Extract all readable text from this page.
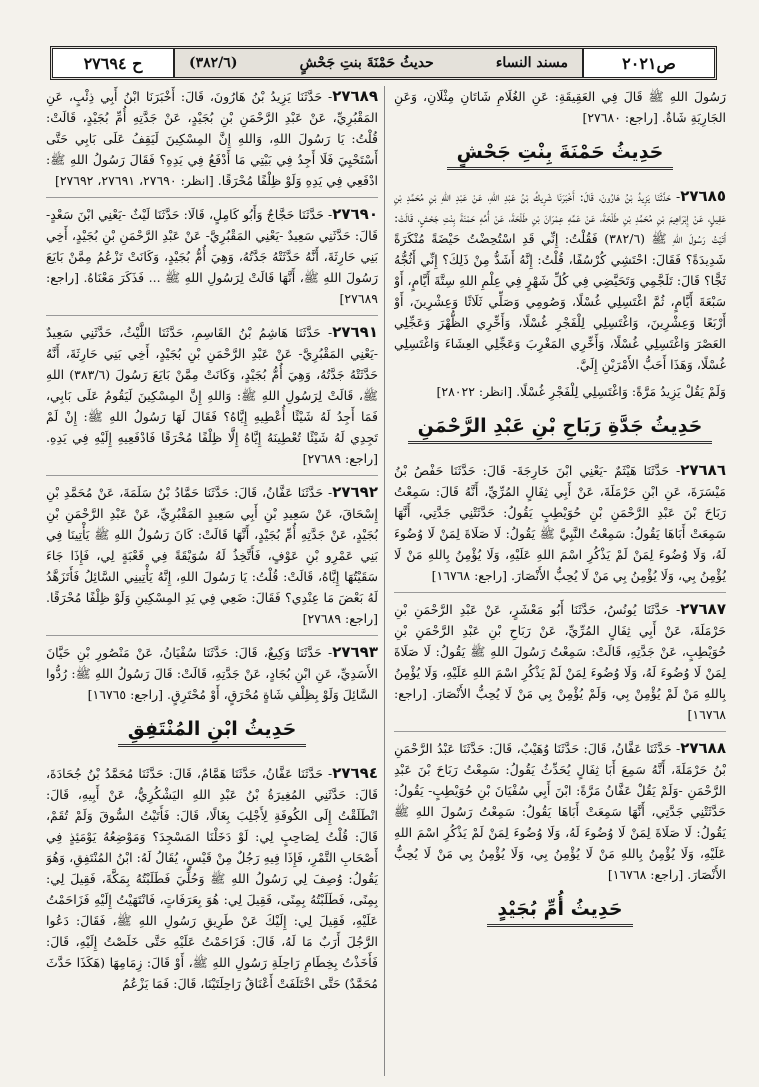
ح ٢٧٦٩٤	(٣٨٢/٦)	حديثُ حَمْنَةَ بنتِ جَحْشٍ	مسند النساء	ص٢٠٢١

رَسُولَ اللهِ ﷺ قَالَ فِي العَقِيقَةِ: عَنِ الغُلَامِ شَاتَانِ مِثْلَانِ، وَعَنِ الجَارِيَةِ شَاةٌ. [راجع: ٢٧٦٨٠]

حَدِيثُ حَمْنَةَ بِنْتِ جَحْشٍ

٢٧٦٨٥- حَدَّثَنَا يَزِيدُ بْنُ هَارُونَ، قَالَ: أَخْبَرَنَا شَرِيكُ بْنُ عَبْدِ اللهِ، عَنْ عَبْدِ اللهِ بْنِ مُحَمَّدِ بْنِ عَقِيلٍ، عَنْ إِبْرَاهِيمَ بْنِ مُحَمَّدِ بْنِ طَلْحَةَ، عَنْ عَمِّهِ عِمْرَانَ بْنِ طَلْحَةَ، عَنْ أُمِّهِ حَمْنَةَ بِنْتِ جَحْشٍ، قَالَتْ: أَتَيْتُ رَسُولَ اللهِ ﷺ (٣٨٢/٦) فَقُلْتُ: إِنِّي قَدِ اسْتُحِضْتُ حَيْضَةً مُنْكَرَةً شَدِيدَةً؟ فَقَالَ: احْتَشِي كُرْسُفًا، قُلْتُ: إِنَّهُ أَشَدُّ مِنْ ذَلِكَ؟ إِنِّي أَثُجُّهُ ثَجًّا؟ قَالَ: تَلَجَّمِي وَتَحَيَّضِي فِي كُلِّ شَهْرٍ فِي عِلْمِ اللهِ سِتَّةَ أَيَّامٍ، أَوْ سَبْعَةَ أَيَّامٍ، ثُمَّ اغْتَسِلِي غُسْلًا، وَصُومِي وَصَلِّي ثَلَاثًا وَعِشْرِينَ، أَوْ أَرْبَعًا وَعِشْرِينَ، وَاغْتَسِلِي لِلْفَجْرِ غُسْلًا، وَأَخِّرِي الظُّهْرَ وَعَجِّلِي العَصْرَ وَاغْتَسِلِي غُسْلًا، وَأَخِّرِي المَغْرِبَ وَعَجِّلِي العِشَاءَ وَاغْتَسِلِي غُسْلًا، وَهَذَا أَحَبُّ الأَمْرَيْنِ إِلَيَّ.

وَلَمْ يَقُلْ يَزِيدُ مَرَّةً: وَاغْتَسِلِي لِلْفَجْرِ غُسْلًا. [انظر: ٢٨٠٢٢]

حَدِيثُ جَدَّةِ رَبَاحِ بْنِ عَبْدِ الرَّحْمَنِ

٢٧٦٨٦- حَدَّثَنَا هَيْثَمٌ -يَعْنِي ابْنَ خَارِجَةَ- قَالَ: حَدَّثَنَا حَفْصُ بْنُ مَيْسَرَةَ، عَنِ ابْنِ حَرْمَلَةَ، عَنْ أَبِي ثِفَالٍ المُرِّيِّ، أَنَّهُ قَالَ: سَمِعْتُ رَبَاحَ بْنَ عَبْدِ الرَّحْمَنِ بْنِ حُوَيْطِبٍ يَقُولُ: حَدَّثَتْنِي جَدَّتِي، أَنَّهَا سَمِعَتْ أَبَاهَا يَقُولُ: سَمِعْتُ النَّبِيَّ ﷺ يَقُولُ: لَا صَلَاةَ لِمَنْ لَا وُضُوءَ لَهُ، وَلَا وُضُوءَ لِمَنْ لَمْ يَذْكُرِ اسْمَ اللهِ عَلَيْهِ، وَلَا يُؤْمِنُ بِاللهِ مَنْ لَا يُؤْمِنُ بِي، وَلَا يُؤْمِنُ بِي مَنْ لَا يُحِبُّ الأَنْصَارَ. [راجع: ١٦٧٦٨]

٢٧٦٨٧- حَدَّثَنَا يُونُسُ، حَدَّثَنَا أَبُو مَعْشَرٍ، عَنْ عَبْدِ الرَّحْمَنِ بْنِ حَرْمَلَةَ، عَنْ أَبِي ثِفَالٍ المُرِّيِّ، عَنْ رَبَاحِ بْنِ عَبْدِ الرَّحْمَنِ بْنِ حُوَيْطِبٍ، عَنْ جَدَّتِهِ، قَالَتْ: سَمِعْتُ رَسُولَ اللهِ ﷺ يَقُولُ: لَا صَلَاةَ لِمَنْ لَا وُضُوءَ لَهُ، وَلَا وُضُوءَ لِمَنْ لَمْ يَذْكُرِ اسْمَ اللهِ عَلَيْهِ، وَلَا يُؤْمِنُ بِاللهِ مَنْ لَمْ يُؤْمِنْ بِي، وَلَمْ يُؤْمِنْ بِي مَنْ لَا يُحِبُّ الأَنْصَارَ. [راجع: ١٦٧٦٨]

٢٧٦٨٨- حَدَّثَنَا عَفَّانُ، قَالَ: حَدَّثَنَا وُهَيْبٌ، قَالَ: حَدَّثَنَا عَبْدُ الرَّحْمَنِ بْنُ حَرْمَلَةَ، أَنَّهُ سَمِعَ أَبَا ثِفَالٍ يُحَدِّثُ يَقُولُ: سَمِعْتُ رَبَاحَ بْنَ عَبْدِ الرَّحْمَنِ -وَلَمْ يَقُلْ عَفَّانُ مَرَّةً: ابْنَ أَبِي سُفْيَانَ بْنِ حُوَيْطِبٍ- يَقُولُ: حَدَّثَتْنِي جَدَّتِي، أَنَّهَا سَمِعَتْ أَبَاهَا يَقُولُ: سَمِعْتُ رَسُولَ اللهِ ﷺ يَقُولُ: لَا صَلَاةَ لِمَنْ لَا وُضُوءَ لَهُ، وَلَا وُضُوءَ لِمَنْ لَمْ يَذْكُرِ اسْمَ اللهِ عَلَيْهِ، وَلَا يُؤْمِنُ بِاللهِ مَنْ لَا يُؤْمِنُ بِي، وَلَا يُؤْمِنُ بِي مَنْ لَا يُحِبُّ الأَنْصَارَ. [راجع: ١٦٧٦٨]

حَدِيثُ أُمِّ بُجَيْدٍ

٢٧٦٨٩- حَدَّثَنَا يَزِيدُ بْنُ هَارُونَ، قَالَ: أَخْبَرَنَا ابْنُ أَبِي ذِئْبٍ، عَنِ المَقْبُرِيِّ، عَنْ عَبْدِ الرَّحْمَنِ بْنِ بُجَيْدٍ، عَنْ جَدَّتِهِ أُمِّ بُجَيْدٍ، قَالَتْ: قُلْتُ: يَا رَسُولَ اللهِ، وَاللهِ إِنَّ المِسْكِينَ لَيَقِفُ عَلَى بَابِي حَتَّى أَسْتَحْيِيَ فَلَا أَجِدُ فِي بَيْتِي مَا أَدْفَعُ فِي يَدِهِ؟ فَقَالَ رَسُولُ اللهِ ﷺ: ادْفَعِي فِي يَدِهِ وَلَوْ ظِلْفًا مُحْرَقًا. [انظر: ٢٧٦٩٠، ٢٧٦٩١، ٢٧٦٩٢]

٢٧٦٩٠- حَدَّثَنَا حَجَّاجٌ وَأَبُو كَامِلٍ، قَالَا: حَدَّثَنَا لَيْثٌ -يَعْنِي ابْنَ سَعْدٍ- قَالَ: حَدَّثَنِي سَعِيدٌ -يَعْنِي المَقْبُرِيَّ- عَنْ عَبْدِ الرَّحْمَنِ بْنِ بُجَيْدٍ، أَخِي بَنِي حَارِثَةَ، أَنَّهُ حَدَّثَتْهُ جَدَّتُهُ، وَهِيَ أُمُّ بُجَيْدٍ، وَكَانَتْ تَزْعُمُ مِمَّنْ بَايَعَ رَسُولَ اللهِ ﷺ، أَنَّهَا قَالَتْ لِرَسُولِ اللهِ ﷺ ... فَذَكَرَ مَعْنَاهُ. [راجع: ٢٧٦٨٩]

٢٧٦٩١- حَدَّثَنَا هَاشِمُ بْنُ القَاسِمِ، حَدَّثَنَا اللَّيْثُ، حَدَّثَنِي سَعِيدٌ -يَعْنِي المَقْبُرِيَّ- عَنْ عَبْدِ الرَّحْمَنِ بْنِ بُجَيْدٍ، أَخِي بَنِي حَارِثَةَ، أَنَّهُ حَدَّثَتْهُ جَدَّتُهُ، وَهِيَ أُمُّ بُجَيْدٍ، وَكَانَتْ مِمَّنْ بَايَعَ رَسُولَ (٣٨٣/٦) اللهِ ﷺ، قَالَتْ لِرَسُولِ اللهِ ﷺ: وَاللهِ إِنَّ المِسْكِينَ لَيَقُومُ عَلَى بَابِي، فَمَا أَجِدُ لَهُ شَيْئًا أُعْطِيهِ إِيَّاهُ؟ فَقَالَ لَهَا رَسُولُ اللهِ ﷺ: إِنْ لَمْ تَجِدِي لَهُ شَيْئًا تُعْطِينَهُ إِيَّاهُ إِلَّا ظِلْفًا مُحْرَقًا فَادْفَعِيهِ إِلَيْهِ فِي يَدِهِ. [راجع: ٢٧٦٨٩]

٢٧٦٩٢- حَدَّثَنَا عَفَّانُ، قَالَ: حَدَّثَنَا حَمَّادُ بْنُ سَلَمَةَ، عَنْ مُحَمَّدِ بْنِ إِسْحَاقَ، عَنْ سَعِيدِ بْنِ أَبِي سَعِيدٍ المَقْبُرِيِّ، عَنْ عَبْدِ الرَّحْمَنِ بْنِ بُجَيْدٍ، عَنْ جَدَّتِهِ أُمِّ بُجَيْدٍ، أَنَّهَا قَالَتْ: كَانَ رَسُولُ اللهِ ﷺ يَأْتِينَا فِي بَنِي عَمْرِو بْنِ عَوْفٍ، فَأَتَّخِذُ لَهُ سُوَيْقَةً فِي قَعْبَةٍ لِي، فَإِذَا جَاءَ سَقَيْتُهَا إِيَّاهُ، قَالَتْ: قُلْتُ: يَا رَسُولَ اللهِ، إِنَّهُ يَأْتِينِي السَّائِلُ فَأَتَزَهَّدُ لَهُ بَعْضَ مَا عِنْدِي؟ فَقَالَ: ضَعِي فِي يَدِ المِسْكِينِ وَلَوْ ظِلْفًا مُحْرَقًا. [راجع: ٢٧٦٨٩]

٢٧٦٩٣- حَدَّثَنَا وَكِيعٌ، قَالَ: حَدَّثَنَا سُفْيَانُ، عَنْ مَنْصُورِ بْنِ حَيَّانَ الأَسَدِيِّ، عَنِ ابْنِ بُجَادٍ، عَنْ جَدَّتِهِ، قَالَتْ: قَالَ رَسُولُ اللهِ ﷺ: رُدُّوا السَّائِلَ وَلَوْ بِظِلْفِ شَاةٍ مُحْرَقٍ، أَوْ مُحْتَرِقٍ. [راجع: ١٦٧٦٥]

حَدِيثُ ابْنِ المُنْتَفِقِ

٢٧٦٩٤- حَدَّثَنَا عَفَّانُ، حَدَّثَنَا هَمَّامٌ، قَالَ: حَدَّثَنَا مُحَمَّدُ بْنُ جُحَادَةَ، قَالَ: حَدَّثَنِي المُغِيرَةُ بْنُ عَبْدِ اللهِ اليَشْكُرِيُّ، عَنْ أَبِيهِ، قَالَ: انْطَلَقْتُ إِلَى الكُوفَةِ لِأَجْلِبَ بِغَالًا، قَالَ: فَأَتَيْتُ السُّوقَ وَلَمْ تُقَمْ، قَالَ: قُلْتُ لِصَاحِبٍ لِي: لَوْ دَخَلْنَا المَسْجِدَ؟ وَمَوْضِعُهُ يَوْمَئِذٍ فِي أَصْحَابِ التَّمْرِ، فَإِذَا فِيهِ رَجُلٌ مِنْ قَيْسٍ، يُقَالُ لَهُ: ابْنُ المُنْتَفِقِ، وَهُوَ يَقُولُ: وُصِفَ لِي رَسُولُ اللهِ ﷺ وَحُلِّيَ فَطَلَبْتُهُ بِمَكَّةَ، فَقِيلَ لِي: بِمِنًى، فَطَلَبْتُهُ بِمِنًى، فَقِيلَ لِي: هُوَ بِعَرَفَاتٍ، فَانْتَهَيْتُ إِلَيْهِ فَزَاحَمْتُ عَلَيْهِ، فَقِيلَ لِي: إِلَيْكَ عَنْ طَرِيقِ رَسُولِ اللهِ ﷺ، فَقَالَ: دَعُوا الرَّجُلَ أَرَبٌ مَا لَهُ، قَالَ: فَزَاحَمْتُ عَلَيْهِ حَتَّى خَلَصْتُ إِلَيْهِ، قَالَ: فَأَخَذْتُ بِخِطَامِ رَاحِلَةِ رَسُولِ اللهِ ﷺ، أَوْ قَالَ: زِمَامِهَا (هَكَذَا حَدَّثَ مُحَمَّدٌ) حَتَّى اخْتَلَفَتْ أَعْنَاقُ رَاحِلَتَيْنَا، قَالَ: فَمَا يَزْعُمُ
